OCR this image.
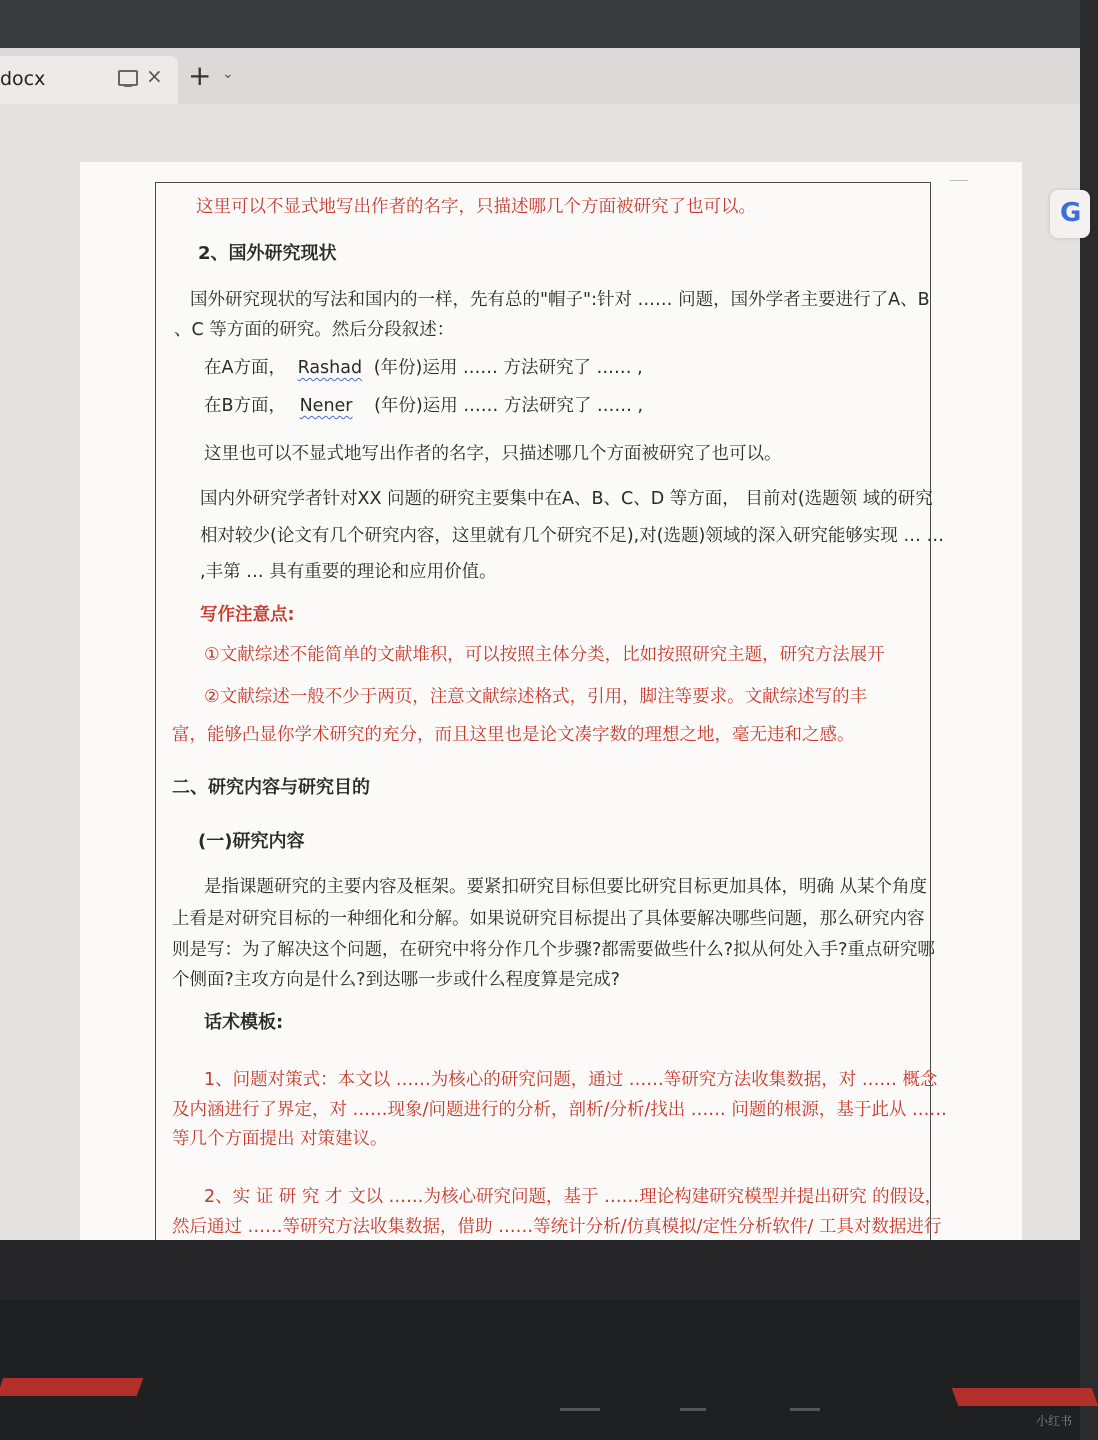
docx	× + ⌄
G
这里可以不显式地写出作者的名字，只描述哪几个方面被研究了也可以。
2、国外研究现状
国外研究现状的写法和国内的一样，先有总的"帽子":针对 …… 问题，国外学者主要进行了A、B
、C 等方面的研究。然后分段叙述：
在A方面， Rashad (年份)运用 …… 方法研究了 …… ,
在B方面， Nener (年份)运用 …… 方法研究了 …… ,
这里也可以不显式地写出作者的名字，只描述哪几个方面被研究了也可以。
国内外研究学者针对XX 问题的研究主要集中在A、B、C、D 等方面， 目前对(选题领 域的研究
相对较少(论文有几个研究内容，这里就有几个研究不足),对(选题)领域的深入研究能够实现 … …
,丰第 … 具有重要的理论和应用价值。
写作注意点:
①文献综述不能简单的文献堆积，可以按照主体分类，比如按照研究主题，研究方法展开
②文献综述一般不少于两页，注意文献综述格式，引用，脚注等要求。文献综述写的丰
富，能够凸显你学术研究的充分，而且这里也是论文凑字数的理想之地，毫无违和之感。
二、研究内容与研究目的
(一)研究内容
是指课题研究的主要内容及框架。要紧扣研究目标但要比研究目标更加具体，明确 从某个角度
上看是对研究目标的一种细化和分解。如果说研究目标提出了具体要解决哪些问题，那么研究内容
则是写：为了解决这个问题，在研究中将分作几个步骤?都需要做些什么?拟从何处入手?重点研究哪
个侧面?主攻方向是什么?到达哪一步或什么程度算是完成?
话术模板:
1、问题对策式：本文以 ……为核心的研究问题，通过 ……等研究方法收集数据，对 …… 概念
及内涵进行了界定，对 ……现象/问题进行的分析，剖析/分析/找出 …… 问题的根源，基于此从 ……
等几个方面提出 对策建议。
2、实 证 研 究 才 文以 ……为核心研究问题，基于 ……理论构建研究模型并提出研究 的假设，
然后通过 ……等研究方法收集数据，借助 ……等统计分析/仿真模拟/定性分析软件/ 工具对数据进行
小红书
